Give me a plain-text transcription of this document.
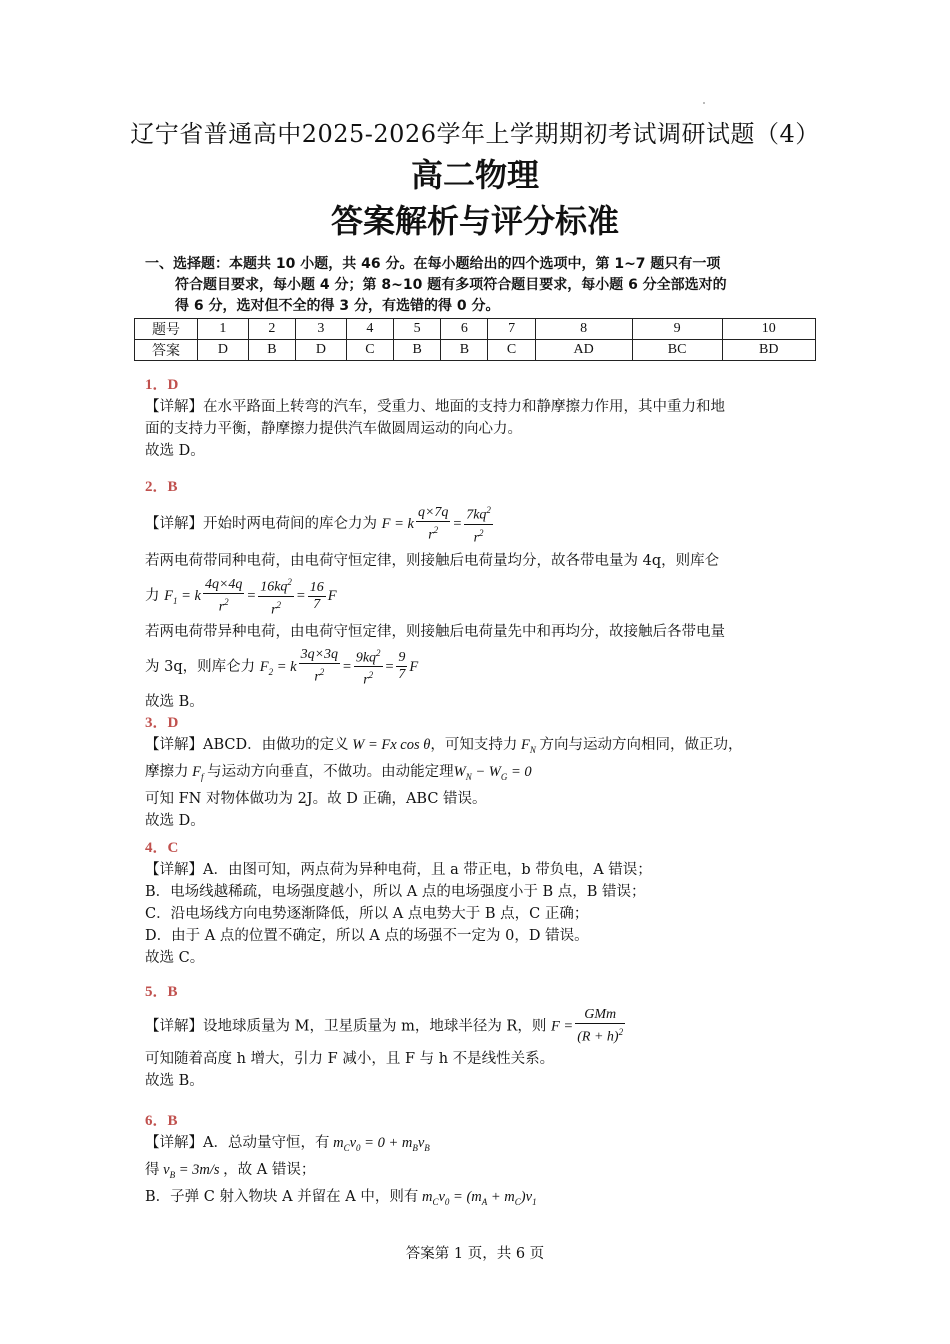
辽宁省普通高中2025-2026学年上学期期初考试调研试题（4）
高二物理
答案解析与评分标准
一、选择题：本题共 10 小题，共 46 分。在每小题给出的四个选项中，第 1~7 题只有一项
符合题目要求，每小题 4 分；第 8~10 题有多项符合题目要求，每小题 6 分全部选对的
得 6 分，选对但不全的得 3 分，有选错的得 0 分。
题号	1	2	3	4	5	6	7	8	9	10
答案	D	B	D	C	B	B	C	AD	BC	BD
1．D
【详解】在水平路面上转弯的汽车，受重力、地面的支持力和静摩擦力作用，其中重力和地
面的支持力平衡，静摩擦力提供汽车做圆周运动的向心力。
故选 D。
2．B
【详解】开始时两电荷间的库仑力为 F = k $\frac{q\times 7q}{r^2} = \frac{7kq^2}{r^2}$
若两电荷带同种电荷，由电荷守恒定律，则接触后电荷量均分，故各带电量为 4q，则库仑
力 $F_1 = k \frac{4q\times 4q}{r^2} = \frac{16kq^2}{r^2} = \frac{16}{7}$ F
若两电荷带异种电荷，由电荷守恒定律，则接触后电荷量先中和再均分，故接触后各带电量
为 3q，则库仑力 $F_2 = k \frac{3q\times 3q}{r^2} = \frac{9kq^2}{r^2} = \frac{9}{7}$ F
故选 B。
3．D
【详解】ABCD．由做功的定义 W = Fx cos θ，可知支持力 $F_N$ 方向与运动方向相同，做正功，
摩擦力 $F_f$ 与运动方向垂直，不做功。由动能定理$W_N - W_G = 0$
可知 FN 对物体做功为 2J。故 D 正确，ABC 错误。
故选 D。
4．C
【详解】A．由图可知，两点荷为异种电荷，且 a 带正电，b 带负电，A 错误；
B．电场线越稀疏，电场强度越小，所以 A 点的电场强度小于 B 点，B 错误；
C．沿电场线方向电势逐渐降低，所以 A 点电势大于 B 点，C 正确；
D．由于 A 点的位置不确定，所以 A 点的场强不一定为 0，D 错误。
故选 C。
5．B
【详解】设地球质量为 M，卫星质量为 m，地球半径为 R，则 $F = \frac{\text{GMm}}{(R + h)^2}$
可知随着高度 h 增大，引力 F 减小，且 F 与 h 不是线性关系。
故选 B。
6．B
【详解】A．总动量守恒，有 $m_Cv_0 = 0 + m_Bv_B$
得 $v_B = 3m/s$ ，故 A 错误；
B．子弹 C 射入物块 A 并留在 A 中，则有 $m_Cv_0 = (m_A + m_C)v_1$
答案第 1 页，共 6 页
